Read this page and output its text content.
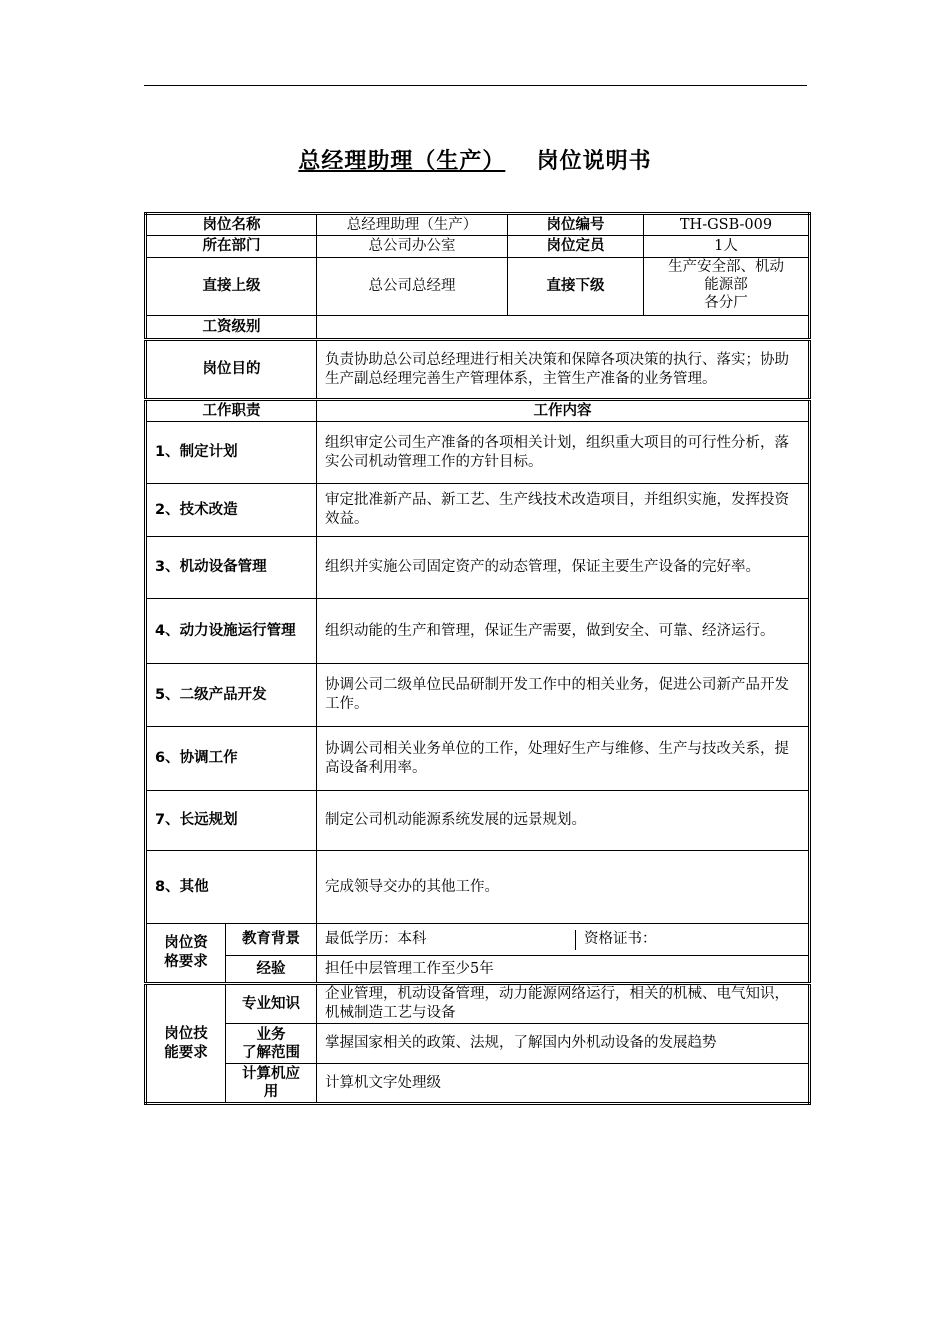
总经理助理（生产） 岗位说明书
岗位名称		总经理助理（生产）	岗位编号	TH-GSB-009
所在部门		总公司办公室	岗位定员	1人
直接上级		总公司总经理	直接下级	生产安全部、机动
能源部
各分厂

工资级别				
岗位目的		负责协助总公司总经理进行相关决策和保障各项决策的执行、落实；协助生产副总经理完善生产管理体系，主管生产准备的业务管理。		
工作职责		工作内容		
1、制定计划		组织审定公司生产准备的各项相关计划，组织重大项目的可行性分析，落实公司机动管理工作的方针目标。		
2、技术改造		审定批准新产品、新工艺、生产线技术改造项目，并组织实施，发挥投资效益。		
3、机动设备管理		组织并实施公司固定资产的动态管理，保证主要生产设备的完好率。		
4、动力设施运行管理		组织动能的生产和管理，保证生产需要，做到安全、可靠、经济运行。		
5、二级产品开发		协调公司二级单位民品研制开发工作中的相关业务，促进公司新产品开发工作。		
6、协调工作		协调公司相关业务单位的工作，处理好生产与维修、生产与技改关系，提高设备利用率。		
7、长远规划		制定公司机动能源系统发展的远景规划。		
8、其他		完成领导交办的其他工作。		

岗位资格要求	教育背景	最低学历：本科 资格证书：		

	经验	担任中层管理工作至少5年		

岗位技能要求	专业知识	企业管理，机动设备管理，动力能源网络运行，相关的机械、电气知识，机械制造工艺与设备		

	业务
了解范围	掌握国家相关的政策、法规，了解国内外机动设备的发展趋势		

	计算机应用	计算机文字处理级		
